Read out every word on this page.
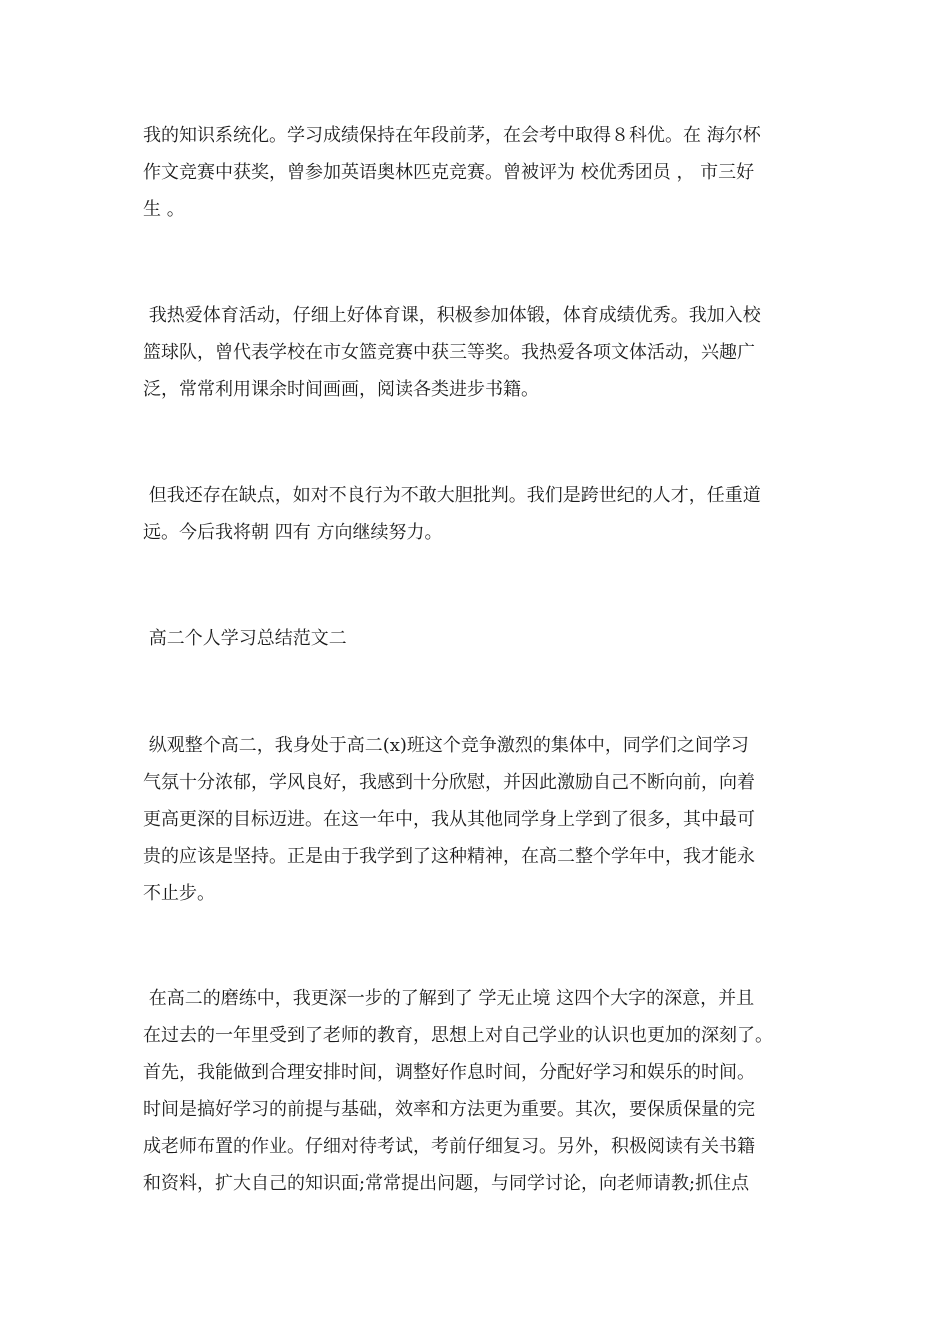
我的知识系统化。学习成绩保持在年段前茅，在会考中取得８科优。在 海尔杯
作文竞赛中获奖，曾参加英语奥林匹克竞赛。曾被评为 校优秀团员 ， 市三好
生 。

我热爱体育活动，仔细上好体育课，积极参加体锻，体育成绩优秀。我加入校
篮球队，曾代表学校在市女篮竞赛中获三等奖。我热爱各项文体活动，兴趣广
泛，常常利用课余时间画画，阅读各类进步书籍。

但我还存在缺点，如对不良行为不敢大胆批判。我们是跨世纪的人才，任重道
远。今后我将朝 四有 方向继续努力。

高二个人学习总结范文二

纵观整个高二，我身处于高二(x)班这个竞争激烈的集体中，同学们之间学习
气氛十分浓郁，学风良好，我感到十分欣慰，并因此激励自己不断向前，向着
更高更深的目标迈进。在这一年中，我从其他同学身上学到了很多，其中最可
贵的应该是坚持。正是由于我学到了这种精神，在高二整个学年中，我才能永
不止步。

在高二的磨练中，我更深一步的了解到了 学无止境 这四个大字的深意，并且
在过去的一年里受到了老师的教育，思想上对自己学业的认识也更加的深刻了。
首先，我能做到合理安排时间，调整好作息时间，分配好学习和娱乐的时间。
时间是搞好学习的前提与基础，效率和方法更为重要。其次，要保质保量的完
成老师布置的作业。仔细对待考试，考前仔细复习。另外，积极阅读有关书籍
和资料，扩大自己的知识面;常常提出问题，与同学讨论，向老师请教;抓住点
